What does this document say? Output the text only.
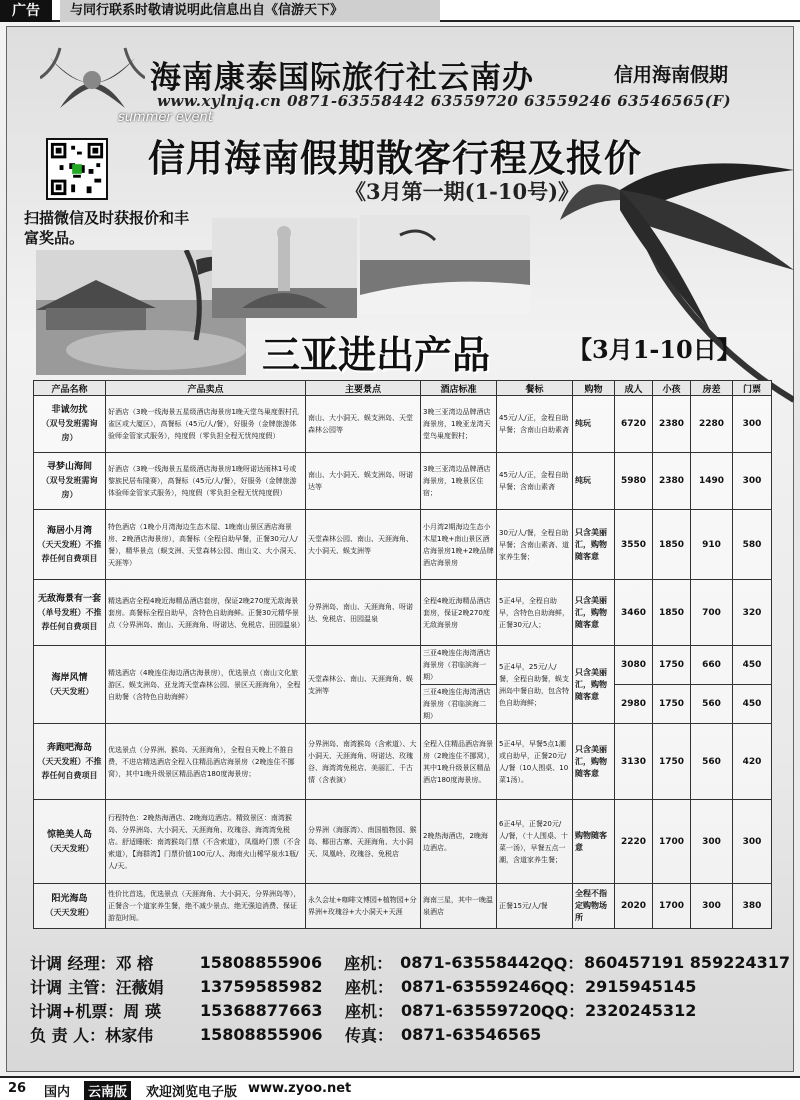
广告	与同行联系时敬请说明此信息出自《信游天下》
summer event
海南康泰国际旅行社云南办	信用海南假期
www.xylnjq.cn 0871-63558442 63559720 63559246 63546565(F)
信用海南假期散客行程及报价
《3月第一期(1-10号)》
扫描微信及时获报价和丰富奖品。
三亚进出产品	【3月1-10日】
产品名称	产品卖点	主要景点	酒店标准	餐标	购物	成人	小孩	房差	门票

非诚勿扰
（双号发班需询房）	好酒店（3晚一线海景五星级酒店海景房1晚天堂鸟巢度假村孔雀区或大厦区），高餐标（45元/人/餐），好服务（金牌旅游体验师金管家式服务），纯度假（零负担全程无忧纯度假）	南山、大小洞天、蜈支洲岛、天堂森林公园等	3晚三亚湾边品牌酒店海景房，1晚亚龙湾天堂鸟巢度假村；	45元/人/正，金程自助早餐；含南山自助素斋	纯玩	6720	2380	2280	300

寻梦山海间
（双号发班需询房）	好酒店（3晚一线海景五星级酒店海景房1晚呀诺达雨林1号或黎族民居布隆赛），高餐标（45元/人/餐），好服务（金牌旅游体验师金管家式服务），纯度假（零负担全程无忧纯度假）	南山、大小洞天、蜈支洲岛、呀诺达等	3晚三亚湾边品牌酒店海景房，1晚景区住宿；	45元/人/正，金程自助早餐；含南山素斋	纯玩	5980	2380	1490	300

海居小月湾
（天天发班）不推荐任何自费项目	特色酒店（1晚小月湾海边生态木屋、1晚南山景区酒店海景房、2晚酒店海景房），高餐标（全程自助早餐，正餐30元/人/餐），精华景点（蜈支洲、天堂森林公园、南山文、大小洞天、天涯等）	天堂森林公园、南山、天涯海角、大小洞天、蜈支洲等	小月湾2期海边生态小木屋1晚+南山景区酒店海景房1晚+2晚品牌酒店海景房	30元/人/餐，全程自助早餐；含南山素斋、道家养生餐；	只含美丽汇，购物随客意	3550	1850	910	580

无敌海景有一套
（单号发班）不推荐任何自费项目	精选酒店全程4晚近海精品酒店套房，保证2晚270度无敌海景套房。高餐标全程自助早，含特色自助海鲜。正餐30元精华景点（分界洲岛、南山、天涯海角、呀诺达、免税店、田园温泉）	分界洲岛、南山、天涯海角、呀诺达、免税店、田园温泉	全程4晚近海精品酒店套房，保证2晚270度无敌海景房	5正4早，全程自助早，含特色自助海鲜，正餐30元/人；	只含美丽汇，购物随客意	3460	1850	700	320

海岸风情
（天天发班）	精选酒店（4晚连住海边酒店海景房），优选景点（南山文化旅游区、蜈支洲岛、亚龙湾天堂森林公园、景区天涯海角），全程自助餐（含特色自助海鲜）	天堂森林公、南山、天涯海角、蜈支洲等	三亚4晚连住海湾酒店海景房（君临滨海一期）	5正4早，25元/人/餐，全程自助餐，蜈支洲岛中餐自助，包含特色自助海鲜；	只含美丽汇，购物随客意	3080	1750	660	450
			三亚4晚连住海湾酒店海景房（君临滨海二期）			2980	1750	560	450

奔跑吧海岛
（天天发班）不推荐任何自费项目	优选景点（分界洲、猴岛、天涯海角），全程自天晚上不推自费，不进店精选酒店全程入住精品酒店海景房（2晚连住不挪窝），其中1晚升级景区精品酒店180度海景房；	分界洲岛、南湾猴岛（含索道）、大小洞天、天涯海角、呀诺达、玫瑰谷、海湾湾免税店、美丽汇、千古情（含表演）	全程入住精品酒店海景房（2晚连住不挪窝），其中1晚升级景区精品酒店180度海景房。	5正4早，早餐5点1潮或自助早，正餐20元/人/餐（10人围桌、10菜1汤）。	只含美丽汇，购物随客意	3130	1750	560	420

惊艳美人岛
（天天发班）	行程特色：2晚热海酒店、2晚海边酒店。精致景区：南湾猴岛、分界洲岛、大小洞天、天涯海角、玫瑰谷、海湾湾免税店。舒适睡眠：南湾猴岛门票（不含索道），凤凰岭门票（不含索道），【海群湾】门票价值100元/人、海南火山稀罕泉水1瓶/人/天。	分界洲（海豚湾）、南国植物园、猴岛、椰田古寨、天涯海角、大小洞天、凤凰岭、玫瑰谷、免税店	2晚热海酒店，2晚海边酒店。	6正4早，正餐20元/人/餐，（十人围桌、十菜一汤），早餐五点一潮，含道家养生餐；	购物随客意	2220	1700	300	300

阳光海岛
（天天发班）	性价比首选，优选景点（天涯海角、大小洞天、分界洲岛等），正餐含一个道家养生餐，绝不减少景点、绝无强迫消费、保证游览时间。	永久会址+咖啡文博园+植物园+分界洲+玫瑰谷+大小洞天+天涯	海南三星，其中一晚温泉酒店	正餐15元/人/餐	全程不指定购物场所	2020	1700	300	380
计调 经理：邓 榕	15808855906	座机： 0871-63558442 QQ： 860457191 859224317
计调 主管：汪薇娟	13759585982	座机： 0871-63559246 QQ： 2915945145
计调+机票：周 瑛	15368877663	座机： 0871-63559720 QQ： 2320245312
负 责 人：林家伟	15808855906	传真： 0871-63546565
26 国内	云南版	欢迎浏览电子版 www.zyoo.net
